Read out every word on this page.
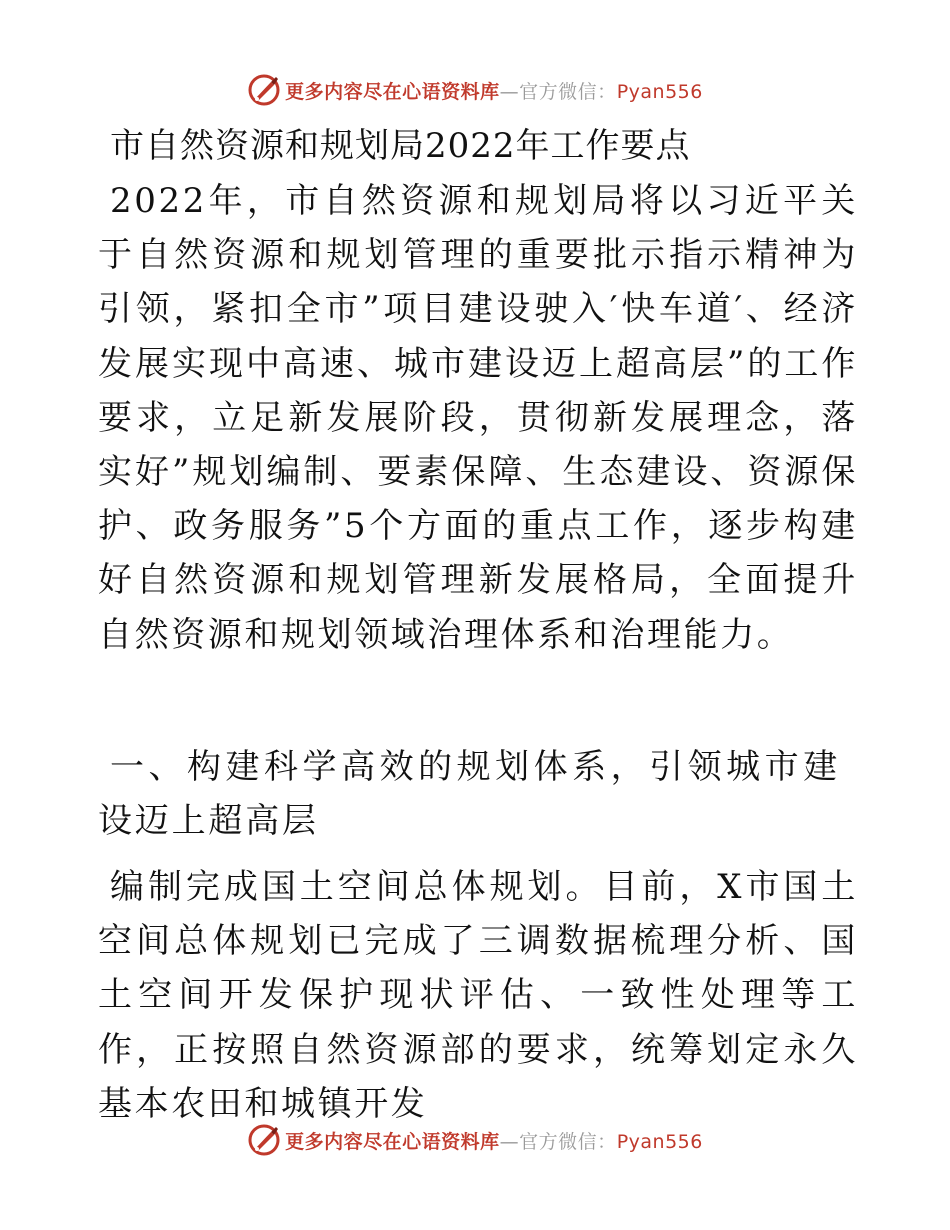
更多内容尽在心语资料库—官方微信：Pyan556
市自然资源和规划局2022年工作要点

2022年，市自然资源和规划局将以习近平关于自然资源和规划管理的重要批示指示精神为引领，紧扣全市”项目建设驶入′快车道′、经济发展实现中高速、城市建设迈上超高层”的工作要求，立足新发展阶段，贯彻新发展理念，落实好”规划编制、要素保障、生态建设、资源保护、政务服务”5个方面的重点工作，逐步构建好自然资源和规划管理新发展格局，全面提升自然资源和规划领域治理体系和治理能力。

一、构建科学高效的规划体系，引领城市建设迈上超高层

编制完成国土空间总体规划。目前，X市国土空间总体规划已完成了三调数据梳理分析、国土空间开发保护现状评估、一致性处理等工作，正按照自然资源部的要求，统筹划定永久基本农田和城镇开发

更多内容尽在心语资料库—官方微信：Pyan556
